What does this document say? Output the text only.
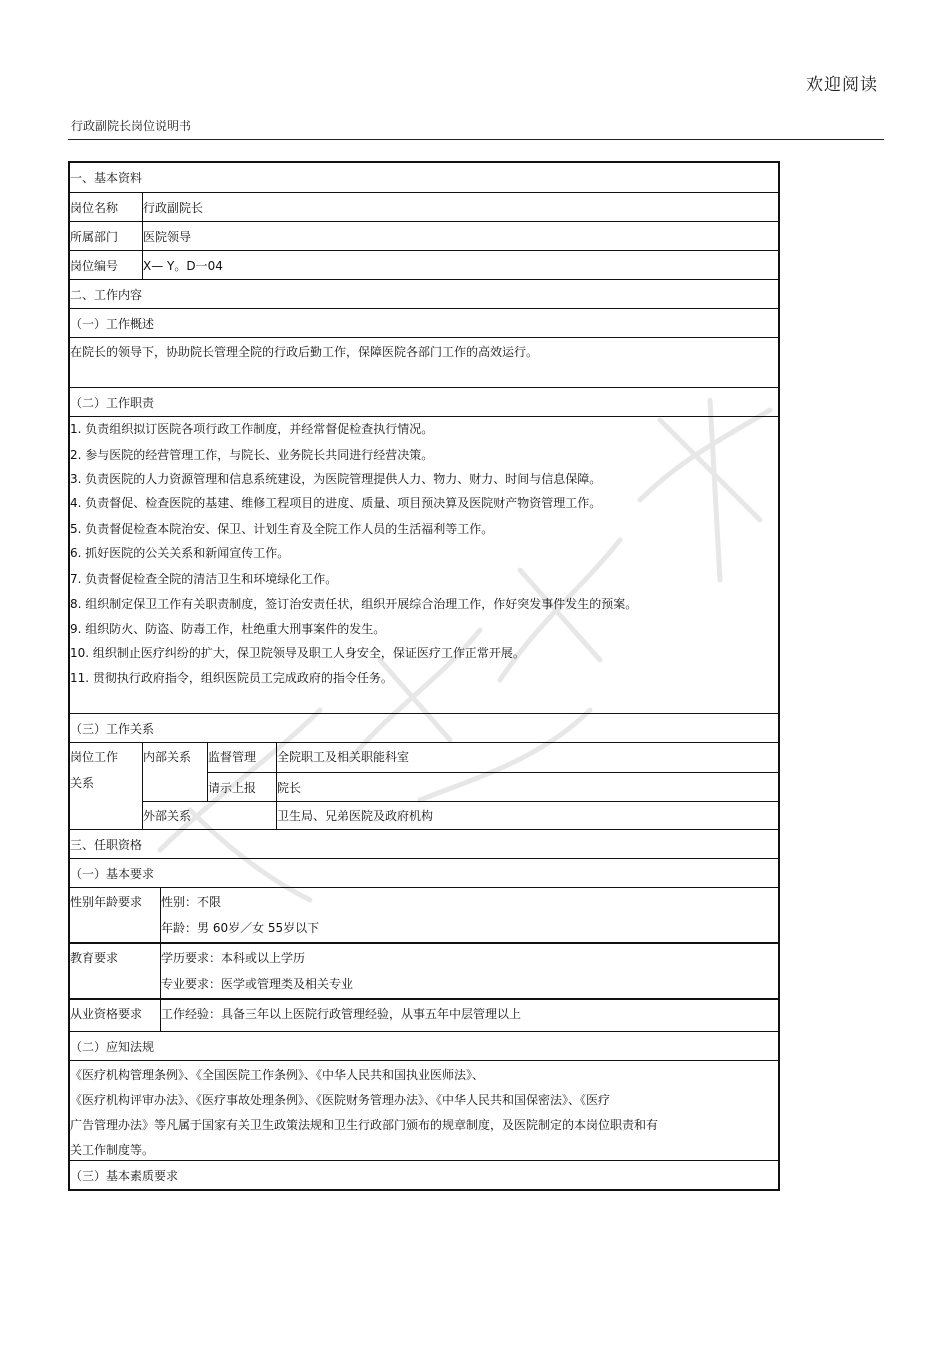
欢迎阅读
行政副院长岗位说明书
一、基本资料
岗位名称 行政副院长
所属部门 医院领导
岗位编号 X— Y。D一04
二、工作内容
（一）工作概述
在院长的领导下，协助院长管理全院的行政后勤工作，保障医院各部门工作的高效运行。
（二）工作职责
1. 负责组织拟订医院各项行政工作制度，并经常督促检查执行情况。
2. 参与医院的经营管理工作，与院长、业务院长共同进行经营决策。
3. 负责医院的人力资源管理和信息系统建设，为医院管理提供人力、物力、财力、时间与信息保障。
4. 负责督促、检查医院的基建、维修工程项目的进度、质量、项目预决算及医院财产物资管理工作。
5. 负责督促检查本院治安、保卫、计划生育及全院工作人员的生活福利等工作。
6. 抓好医院的公关关系和新闻宣传工作。
7. 负责督促检查全院的清洁卫生和环境绿化工作。
8. 组织制定保卫工作有关职责制度，签订治安责任状，组织开展综合治理工作，作好突发事件发生的预案。
9. 组织防火、防盗、防毒工作，杜绝重大刑事案件的发生。
10. 组织制止医疗纠纷的扩大，保卫院领导及职工人身安全，保证医疗工作正常开展。
11. 贯彻执行政府指令，组织医院员工完成政府的指令任务。
（三）工作关系
岗位工作
关系
内部关系 监督管理
请示上报
全院职工及相关职能科室
院长
外部关系	卫生局、兄弟医院及政府机构
三、任职资格
（一）基本要求
性别年龄要求 性别：不限
年龄：男 60岁／女 55岁以下
教育要求	学历要求：本科或以上学历
专业要求：医学或管理类及相关专业
从业资格要求 工作经验：具备三年以上医院行政管理经验，从事五年中层管理以上
（二）应知法规
《医疗机构管理条例》、《全国医院工作条例》、《中华人民共和国执业医师法》、
《医疗机构评审办法》、《医疗事故处理条例》、《医院财务管理办法》、《中华人民共和国保密法》、《医疗
广告管理办法》等凡属于国家有关卫生政策法规和卫生行政部门颁布的规章制度，及医院制定的本岗位职责和有
关工作制度等。
（三）基本素质要求
